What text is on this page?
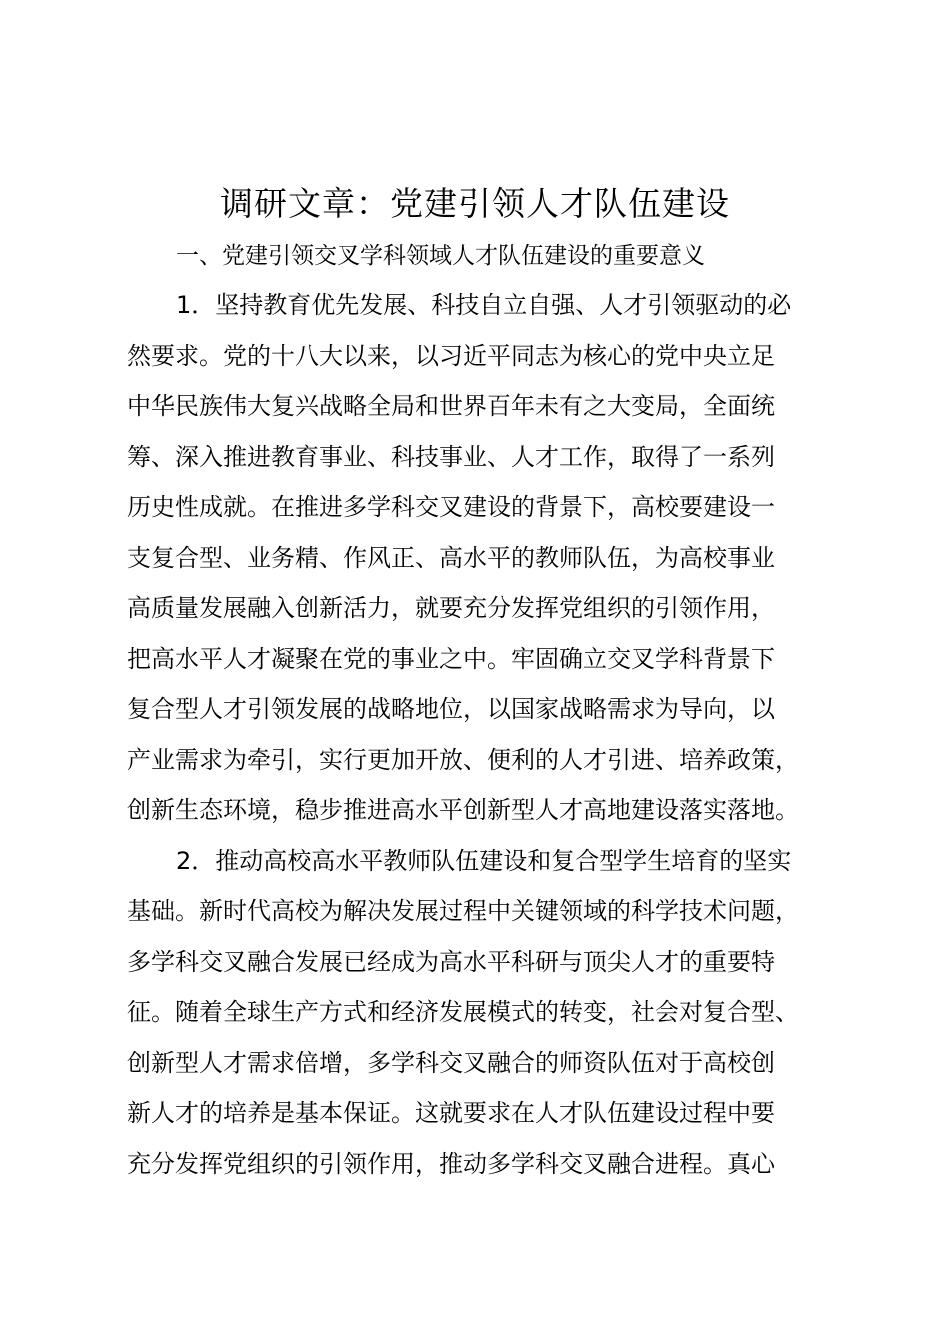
调研文章：党建引领人才队伍建设
一、党建引领交叉学科领域人才队伍建设的重要意义
1．坚持教育优先发展、科技自立自强、人才引领驱动的必
然要求。党的十八大以来，以习近平同志为核心的党中央立足
中华民族伟大复兴战略全局和世界百年未有之大变局，全面统
筹、深入推进教育事业、科技事业、人才工作，取得了一系列
历史性成就。在推进多学科交叉建设的背景下，高校要建设一
支复合型、业务精、作风正、高水平的教师队伍，为高校事业
高质量发展融入创新活力，就要充分发挥党组织的引领作用，
把高水平人才凝聚在党的事业之中。牢固确立交叉学科背景下
复合型人才引领发展的战略地位，以国家战略需求为导向，以
产业需求为牵引，实行更加开放、便利的人才引进、培养政策，
创新生态环境，稳步推进高水平创新型人才高地建设落实落地。
2．推动高校高水平教师队伍建设和复合型学生培育的坚实
基础。新时代高校为解决发展过程中关键领域的科学技术问题，
多学科交叉融合发展已经成为高水平科研与顶尖人才的重要特
征。随着全球生产方式和经济发展模式的转变，社会对复合型、
创新型人才需求倍增，多学科交叉融合的师资队伍对于高校创
新人才的培养是基本保证。这就要求在人才队伍建设过程中要
充分发挥党组织的引领作用，推动多学科交叉融合进程。真心
